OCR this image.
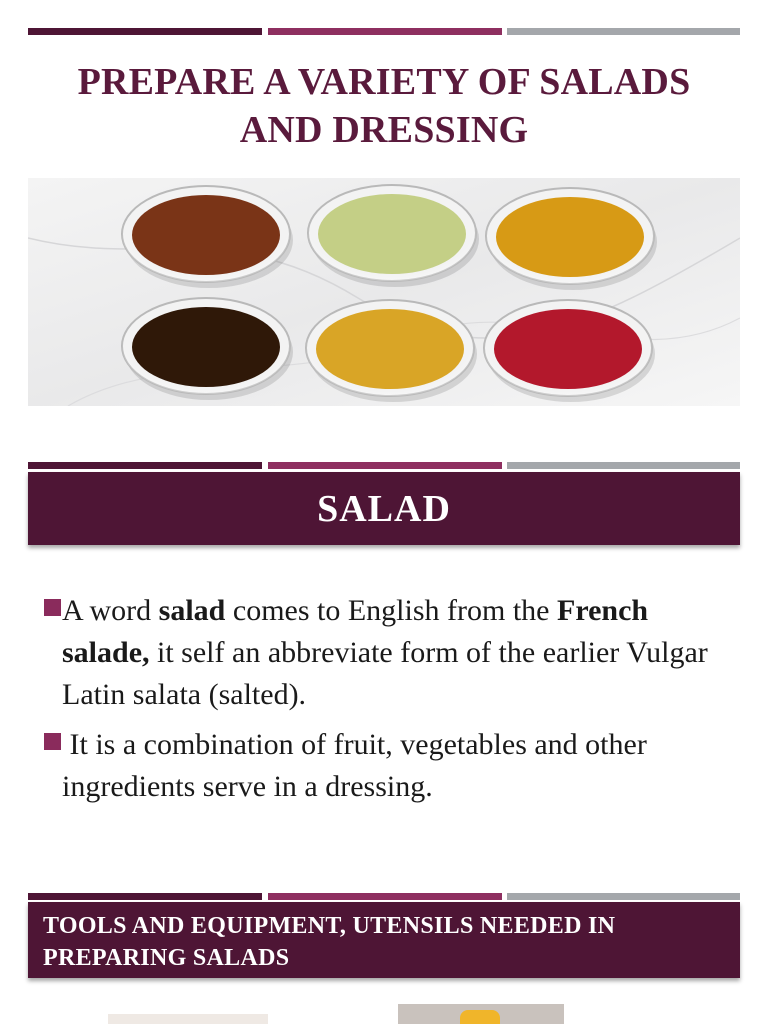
PREPARE A VARIETY OF SALADS
AND DRESSING
SALAD

A word salad comes to English from the French salade, it self an abbreviate form of the earlier Vulgar Latin salata (salted).

It is a combination of fruit, vegetables and other ingredients serve in a dressing.

TOOLS AND EQUIPMENT, UTENSILS NEEDED IN
PREPARING SALADS
